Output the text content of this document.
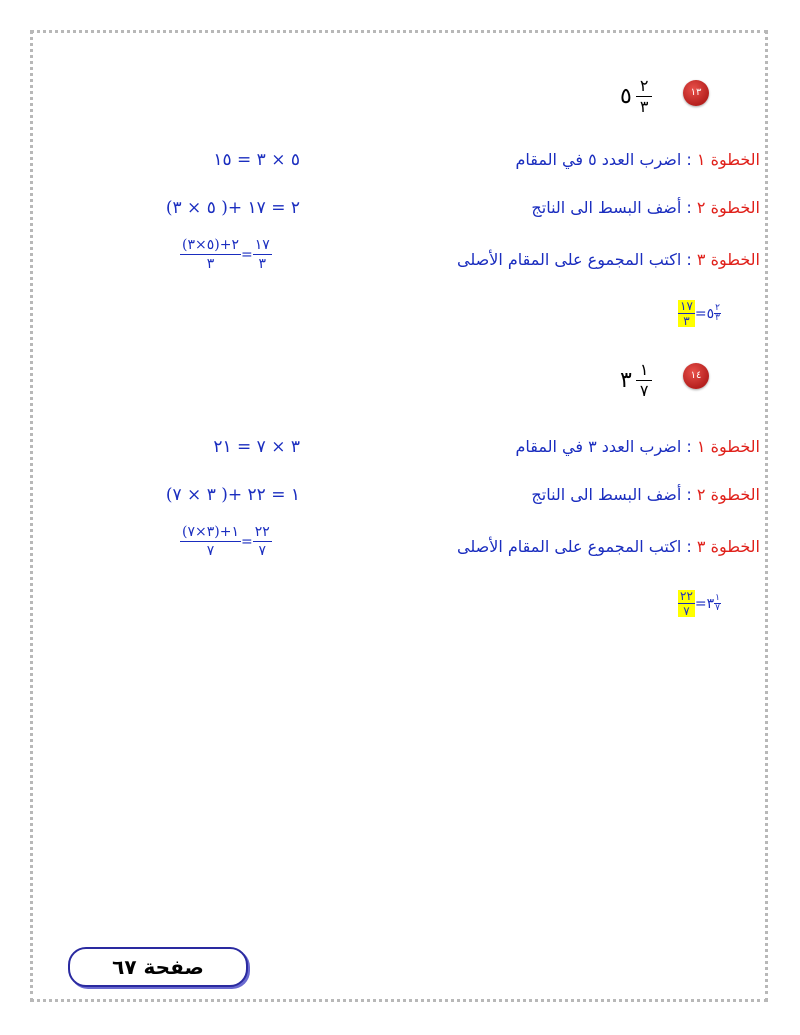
١٣
٥ $\frac{٢}{٣}$
الخطوة ١ : اضرب العدد ٥ في المقام
٥ × ٣ = ١٥
الخطوة ٢ : أضف البسط الى الناتج
(٥ × ٣ )+ ٢ = ١٧
الخطوة ٣ : اكتب المجموع على المقام الأصلى
(٥×٣)+٢
٣
=
١٧
٣
١٧
٣ = ٥ ٢
٣
١٤
٣ $\frac{١}{٧}$
الخطوة ١ : اضرب العدد ٣ في المقام
٣ × ٧ = ٢١
الخطوة ٢ : أضف البسط الى الناتج
(٣ × ٧ )+ ١ = ٢٢
الخطوة ٣ : اكتب المجموع على المقام الأصلى
(٣×٧)+١
٧
=
٢٢
٧
٢٢
٧ = ٣ ١
٧
صفحة ٦٧
